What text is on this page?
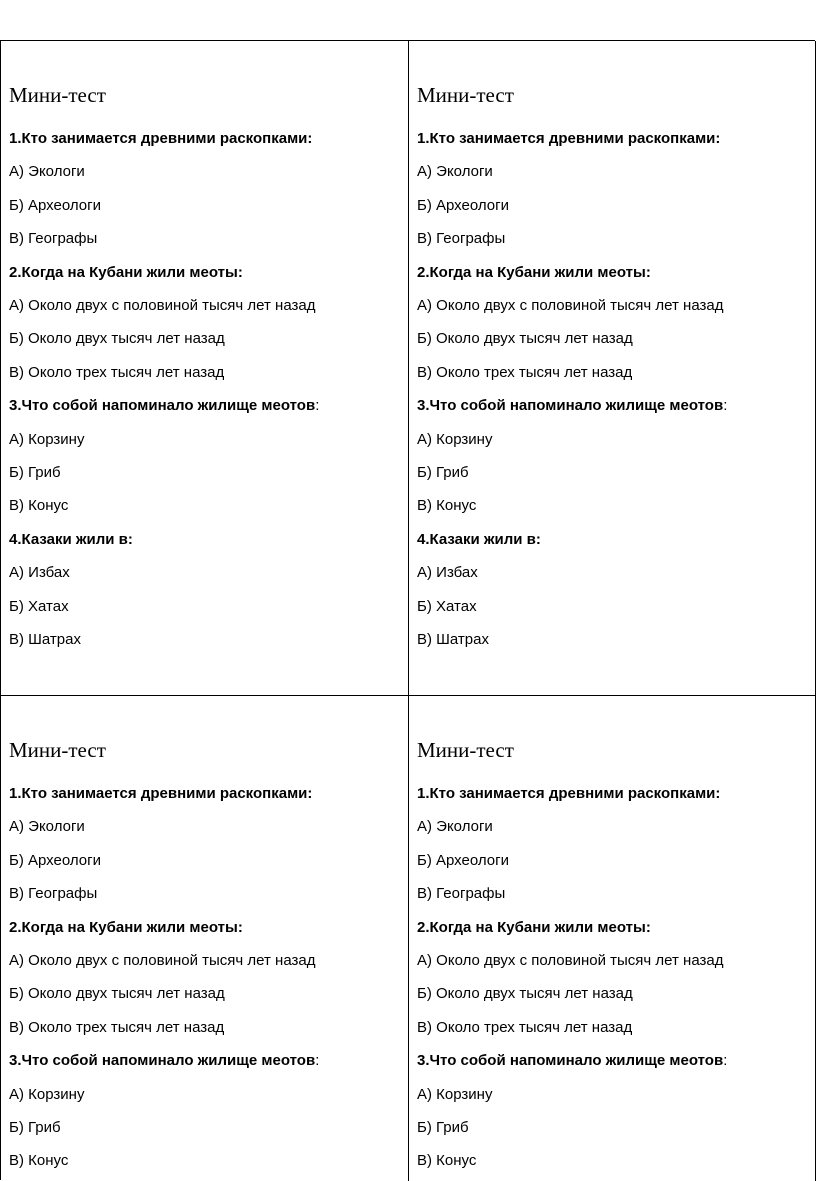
Мини-тест
1.Кто занимается древними раскопками:
А) Экологи
Б) Археологи
В) Географы
2.Когда на Кубани жили меоты:
А) Около двух с половиной тысяч лет назад
Б) Около двух тысяч лет назад
В) Около трех тысяч лет назад
3.Что собой напоминало жилище меотов:
А) Корзину
Б) Гриб
В) Конус
4.Казаки жили в:
А) Избах
Б) Хатах
В) Шатрах
Мини-тест
1.Кто занимается древними раскопками:
А) Экологи
Б) Археологи
В) Географы
2.Когда на Кубани жили меоты:
А) Около двух с половиной тысяч лет назад
Б) Около двух тысяч лет назад
В) Около трех тысяч лет назад
3.Что собой напоминало жилище меотов:
А) Корзину
Б) Гриб
В) Конус
4.Казаки жили в:
А) Избах
Б) Хатах
В) Шатрах
Мини-тест
1.Кто занимается древними раскопками:
А) Экологи
Б) Археологи
В) Географы
2.Когда на Кубани жили меоты:
А) Около двух с половиной тысяч лет назад
Б) Около двух тысяч лет назад
В) Около трех тысяч лет назад
3.Что собой напоминало жилище меотов:
А) Корзину
Б) Гриб
В) Конус
Мини-тест
1.Кто занимается древними раскопками:
А) Экологи
Б) Археологи
В) Географы
2.Когда на Кубани жили меоты:
А) Около двух с половиной тысяч лет назад
Б) Около двух тысяч лет назад
В) Около трех тысяч лет назад
3.Что собой напоминало жилище меотов:
А) Корзину
Б) Гриб
В) Конус
